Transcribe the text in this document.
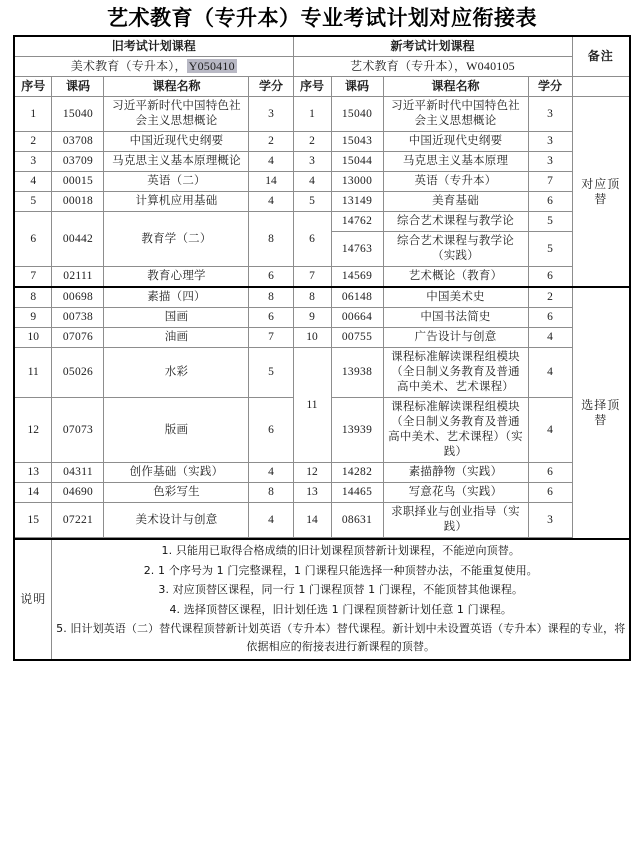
艺术教育（专升本）专业考试计划对应衔接表
旧考试计划课程				新考试计划课程				备注
美术教育（专升本）， Y050410				艺术教育（专升本），W040105				
序号	课码	课程名称	学分	序号	课码	课程名称	学分	
1	15040	习近平新时代中国特色社会主义思想概论	3	1	15040	习近平新时代中国特色社会主义思想概论	3	对应顶替
2	03708	中国近现代史纲要	2	2	15043	中国近现代史纲要	3	
3	03709	马克思主义基本原理概论	4	3	15044	马克思主义基本原理	3	
4	00015	英语（二）	14	4	13000	英语（专升本）	7	
5	00018	计算机应用基础	4	5	13149	美育基础	6	
6	00442	教育学（二）	8	6	14762	综合艺术课程与教学论	5	
					14763	综合艺术课程与教学论（实践）	5	
7	02111	教育心理学	6	7	14569	艺术概论（教育）	6	
8	00698	素描（四）	8	8	06148	中国美术史	2	选择顶替
9	00738	国画	6	9	00664	中国书法简史	6	
10	07076	油画	7	10	00755	广告设计与创意	4	
11	05026	水彩	5	11	13938	课程标准解读课程组模块（全日制义务教育及普通高中美术、艺术课程）	4	
12	07073	版画	6		13939	课程标准解读课程组模块（全日制义务教育及普通高中美术、艺术课程）（实践）	4	
13	04311	创作基础（实践）	4	12	14282	素描静物（实践）	6	
14	04690	色彩写生	8	13	14465	写意花鸟（实践）	6	
15	07221	美术设计与创意	4	14	08631	求职择业与创业指导（实践）	3	

说明	1. 只能用已取得合格成绩的旧计划课程顶替新计划课程，不能逆向顶替。

2. 1 个序号为 1 门完整课程，1 门课程只能选择一种顶替办法，不能重复使用。

3. 对应顶替区课程，同一行 1 门课程顶替 1 门课程，不能顶替其他课程。

4. 选择顶替区课程，旧计划任选 1 门课程顶替新计划任意 1 门课程。

5. 旧计划英语（二）替代课程顶替新计划英语（专升本）替代课程。新计划中未设置英语（专升本）课程的专业，将依据相应的衔接表进行新课程的顶替。							
